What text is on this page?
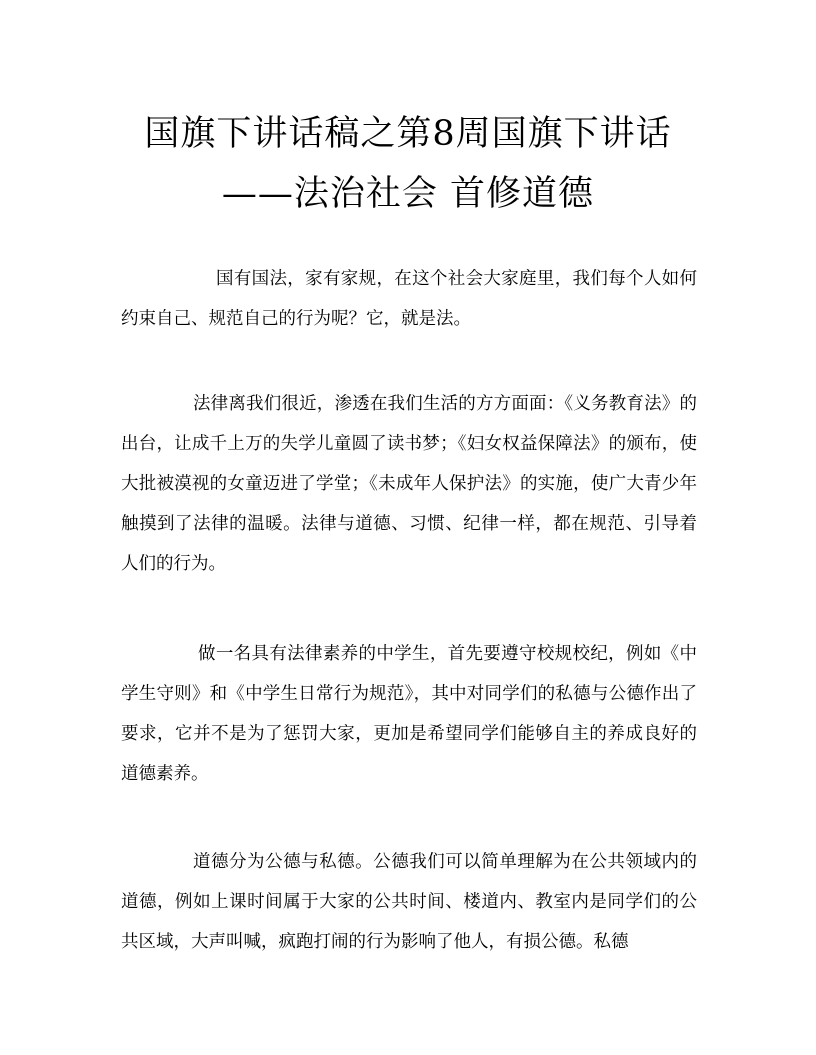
国旗下讲话稿之第8周国旗下讲话
——法治社会 首修道德

国有国法，家有家规，在这个社会大家庭里，我们每个人如何约束自己、规范自己的行为呢？它，就是法。

法律离我们很近，渗透在我们生活的方方面面：《义务教育法》的出台，让成千上万的失学儿童圆了读书梦；《妇女权益保障法》的颁布，使大批被漠视的女童迈进了学堂；《未成年人保护法》的实施，使广大青少年触摸到了法律的温暖。法律与道德、习惯、纪律一样，都在规范、引导着人们的行为。

做一名具有法律素养的中学生，首先要遵守校规校纪，例如《中学生守则》和《中学生日常行为规范》，其中对同学们的私德与公德作出了要求，它并不是为了惩罚大家，更加是希望同学们能够自主的养成良好的道德素养。

道德分为公德与私德。公德我们可以简单理解为在公共领域内的道德，例如上课时间属于大家的公共时间、楼道内、教室内是同学们的公共区域，大声叫喊，疯跑打闹的行为影响了他人，有损公德。私德
